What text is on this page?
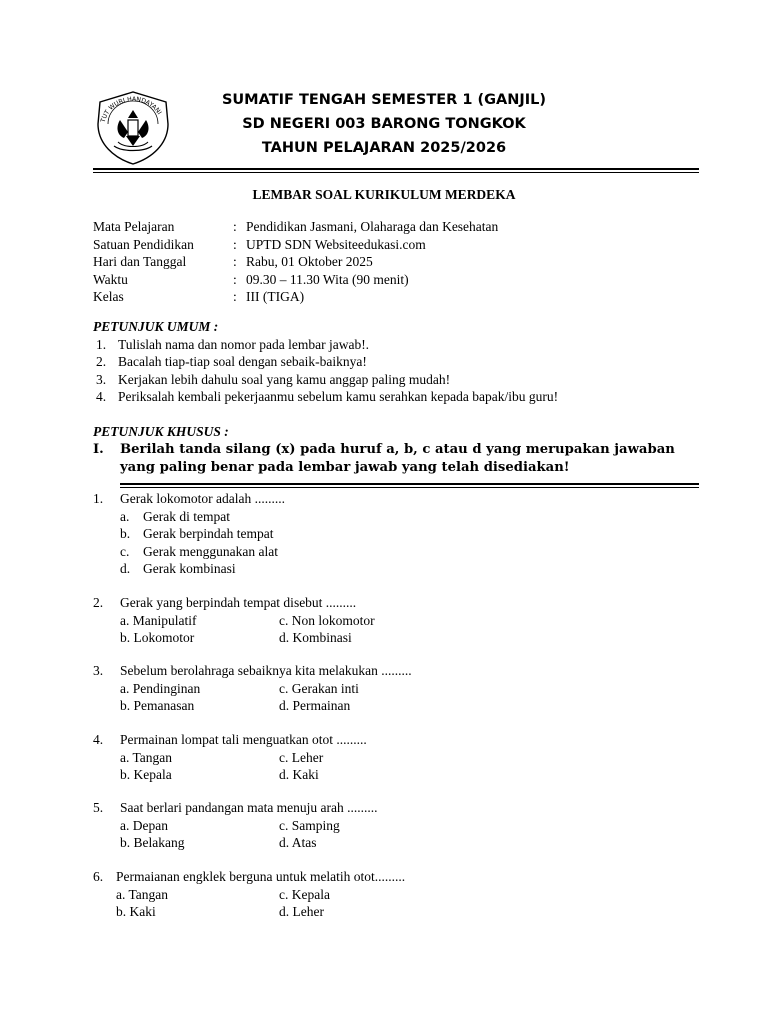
TUT WURI HANDAYANI
SUMATIF TENGAH SEMESTER 1 (GANJIL)
SD NEGERI 003 BARONG TONGKOK
TAHUN PELAJARAN 2025/2026
LEMBAR SOAL KURIKULUM MERDEKA
Mata Pelajaran	: Pendidikan Jasmani, Olaharaga dan Kesehatan
Satuan Pendidikan	: UPTD SDN Websiteedukasi.com
Hari dan Tanggal	: Rabu, 01 Oktober 2025
Waktu	: 09.30 – 11.30 Wita (90 menit)
Kelas	: III (TIGA)
PETUNJUK UMUM :
1. Tulislah nama dan nomor pada lembar jawab!.
2. Bacalah tiap-tiap soal dengan sebaik-baiknya!
3. Kerjakan lebih dahulu soal yang kamu anggap paling mudah!
4. Periksalah kembali pekerjaanmu sebelum kamu serahkan kepada bapak/ibu guru!
PETUNJUK KHUSUS :
I. Berilah tanda silang (x) pada huruf a, b, c atau d yang merupakan jawaban yang paling benar pada lembar jawab yang telah disediakan!
1. Gerak lokomotor adalah .........
a. Gerak di tempat
b. Gerak berpindah tempat
c. Gerak menggunakan alat
d. Gerak kombinasi
2. Gerak yang berpindah tempat disebut .........
a. Manipulatif	c. Non lokomotor
b. Lokomotor	d. Kombinasi
3. Sebelum berolahraga sebaiknya kita melakukan .........
a. Pendinginan	c. Gerakan inti
b. Pemanasan	d. Permainan
4. Permainan lompat tali menguatkan otot .........
a. Tangan	c. Leher
b. Kepala	d. Kaki
5. Saat berlari pandangan mata menuju arah .........
a. Depan	c. Samping
b. Belakang	d. Atas
6. Permaianan engklek berguna untuk melatih otot.........
a. Tangan	c. Kepala
b. Kaki	d. Leher
